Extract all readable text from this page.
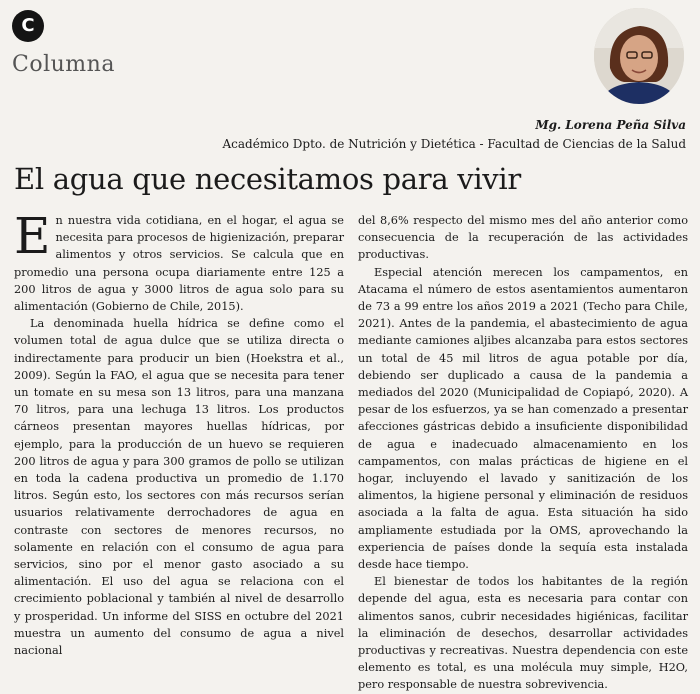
C
Columna
Mg. Lorena Peña Silva
Académico Dpto. de Nutrición y Dietética - Facultad de Ciencias de la Salud
El agua que necesitamos para vivir

En nuestra vida cotidiana, en el hogar, el agua se necesita para procesos de higienización, preparar alimentos y otros servicios. Se calcula que en promedio una persona ocupa diariamente entre 125 a 200 litros de agua y 3000 litros de agua solo para su alimentación (Gobierno de Chile, 2015).

La denominada huella hídrica se define como el volumen total de agua dulce que se utiliza directa o indirectamente para producir un bien (Hoekstra et al., 2009). Según la FAO, el agua que se necesita para tener un tomate en su mesa son 13 litros, para una manzana 70 litros, para una lechuga 13 litros. Los productos cárneos presentan mayores huellas hídricas, por ejemplo, para la producción de un huevo se requieren 200 litros de agua y para 300 gramos de pollo se utilizan en toda la cadena productiva un promedio de 1.170 litros. Según esto, los sectores con más recursos serían usuarios relativamente derrochadores de agua en contraste con sectores de menores recursos, no solamente en relación con el consumo de agua para servicios, sino por el menor gasto asociado a su alimentación. El uso del agua se relaciona con el crecimiento poblacional y también al nivel de desarrollo y prosperidad. Un informe del SISS en octubre del 2021 muestra un aumento del consumo de agua a nivel nacional

del 8,6% respecto del mismo mes del año anterior como consecuencia de la recuperación de las actividades productivas.

Especial atención merecen los campamentos, en Atacama el número de estos asentamientos aumentaron de 73 a 99 entre los años 2019 a 2021 (Techo para Chile, 2021). Antes de la pandemia, el abastecimiento de agua mediante camiones aljibes alcanzaba para estos sectores un total de 45 mil litros de agua potable por día, debiendo ser duplicado a causa de la pandemia a mediados del 2020 (Municipalidad de Copiapó, 2020). A pesar de los esfuerzos, ya se han comenzado a presentar afecciones gástricas debido a insuficiente disponibilidad de agua e inadecuado almacenamiento en los campamentos, con malas prácticas de higiene en el hogar, incluyendo el lavado y sanitización de los alimentos, la higiene personal y eliminación de residuos asociada a la falta de agua. Esta situación ha sido ampliamente estudiada por la OMS, aprovechando la experiencia de países donde la sequía esta instalada desde hace tiempo.

El bienestar de todos los habitantes de la región depende del agua, esta es necesaria para contar con alimentos sanos, cubrir necesidades higiénicas, facilitar la eliminación de desechos, desarrollar actividades productivas y recreativas. Nuestra dependencia con este elemento es total, es una molécula muy simple, H2O, pero responsable de nuestra sobrevivencia.
